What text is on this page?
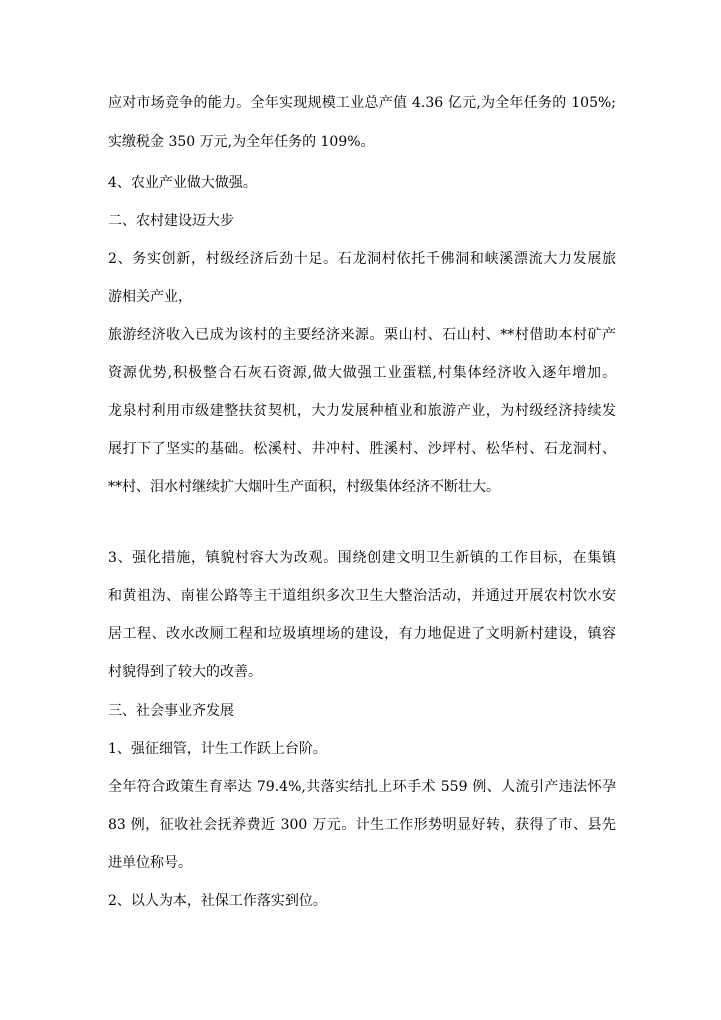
应对市场竞争的能力。全年实现规模工业总产值 4.36 亿元,为全年任务的 105%;
实缴税金 350 万元,为全年任务的 109%。
4、农业产业做大做强。
二、农村建设迈大步
2、务实创新，村级经济后劲十足。石龙洞村依托千佛洞和峡溪漂流大力发展旅
游相关产业，
旅游经济收入已成为该村的主要经济来源。栗山村、石山村、**村借助本村矿产
资源优势,积极整合石灰石资源,做大做强工业蛋糕,村集体经济收入逐年增加。
龙泉村利用市级建整扶贫契机，大力发展种植业和旅游产业，为村级经济持续发
展打下了坚实的基础。松溪村、井冲村、胜溪村、沙坪村、松华村、石龙洞村、
**村、泪水村继续扩大烟叶生产面积，村级集体经济不断壮大。
3、强化措施，镇貌村容大为改观。围绕创建文明卫生新镇的工作目标，在集镇
和黄祖沩、南崔公路等主干道组织多次卫生大整治活动，并通过开展农村饮水安
居工程、改水改厕工程和垃圾填埋场的建设，有力地促进了文明新村建设，镇容
村貌得到了较大的改善。
三、社会事业齐发展
1、强征细管，计生工作跃上台阶。
全年符合政策生育率达 79.4%,共落实结扎上环手术 559 例、人流引产违法怀孕
83 例，征收社会抚养费近 300 万元。计生工作形势明显好转，获得了市、县先
进单位称号。
2、以人为本，社保工作落实到位。
